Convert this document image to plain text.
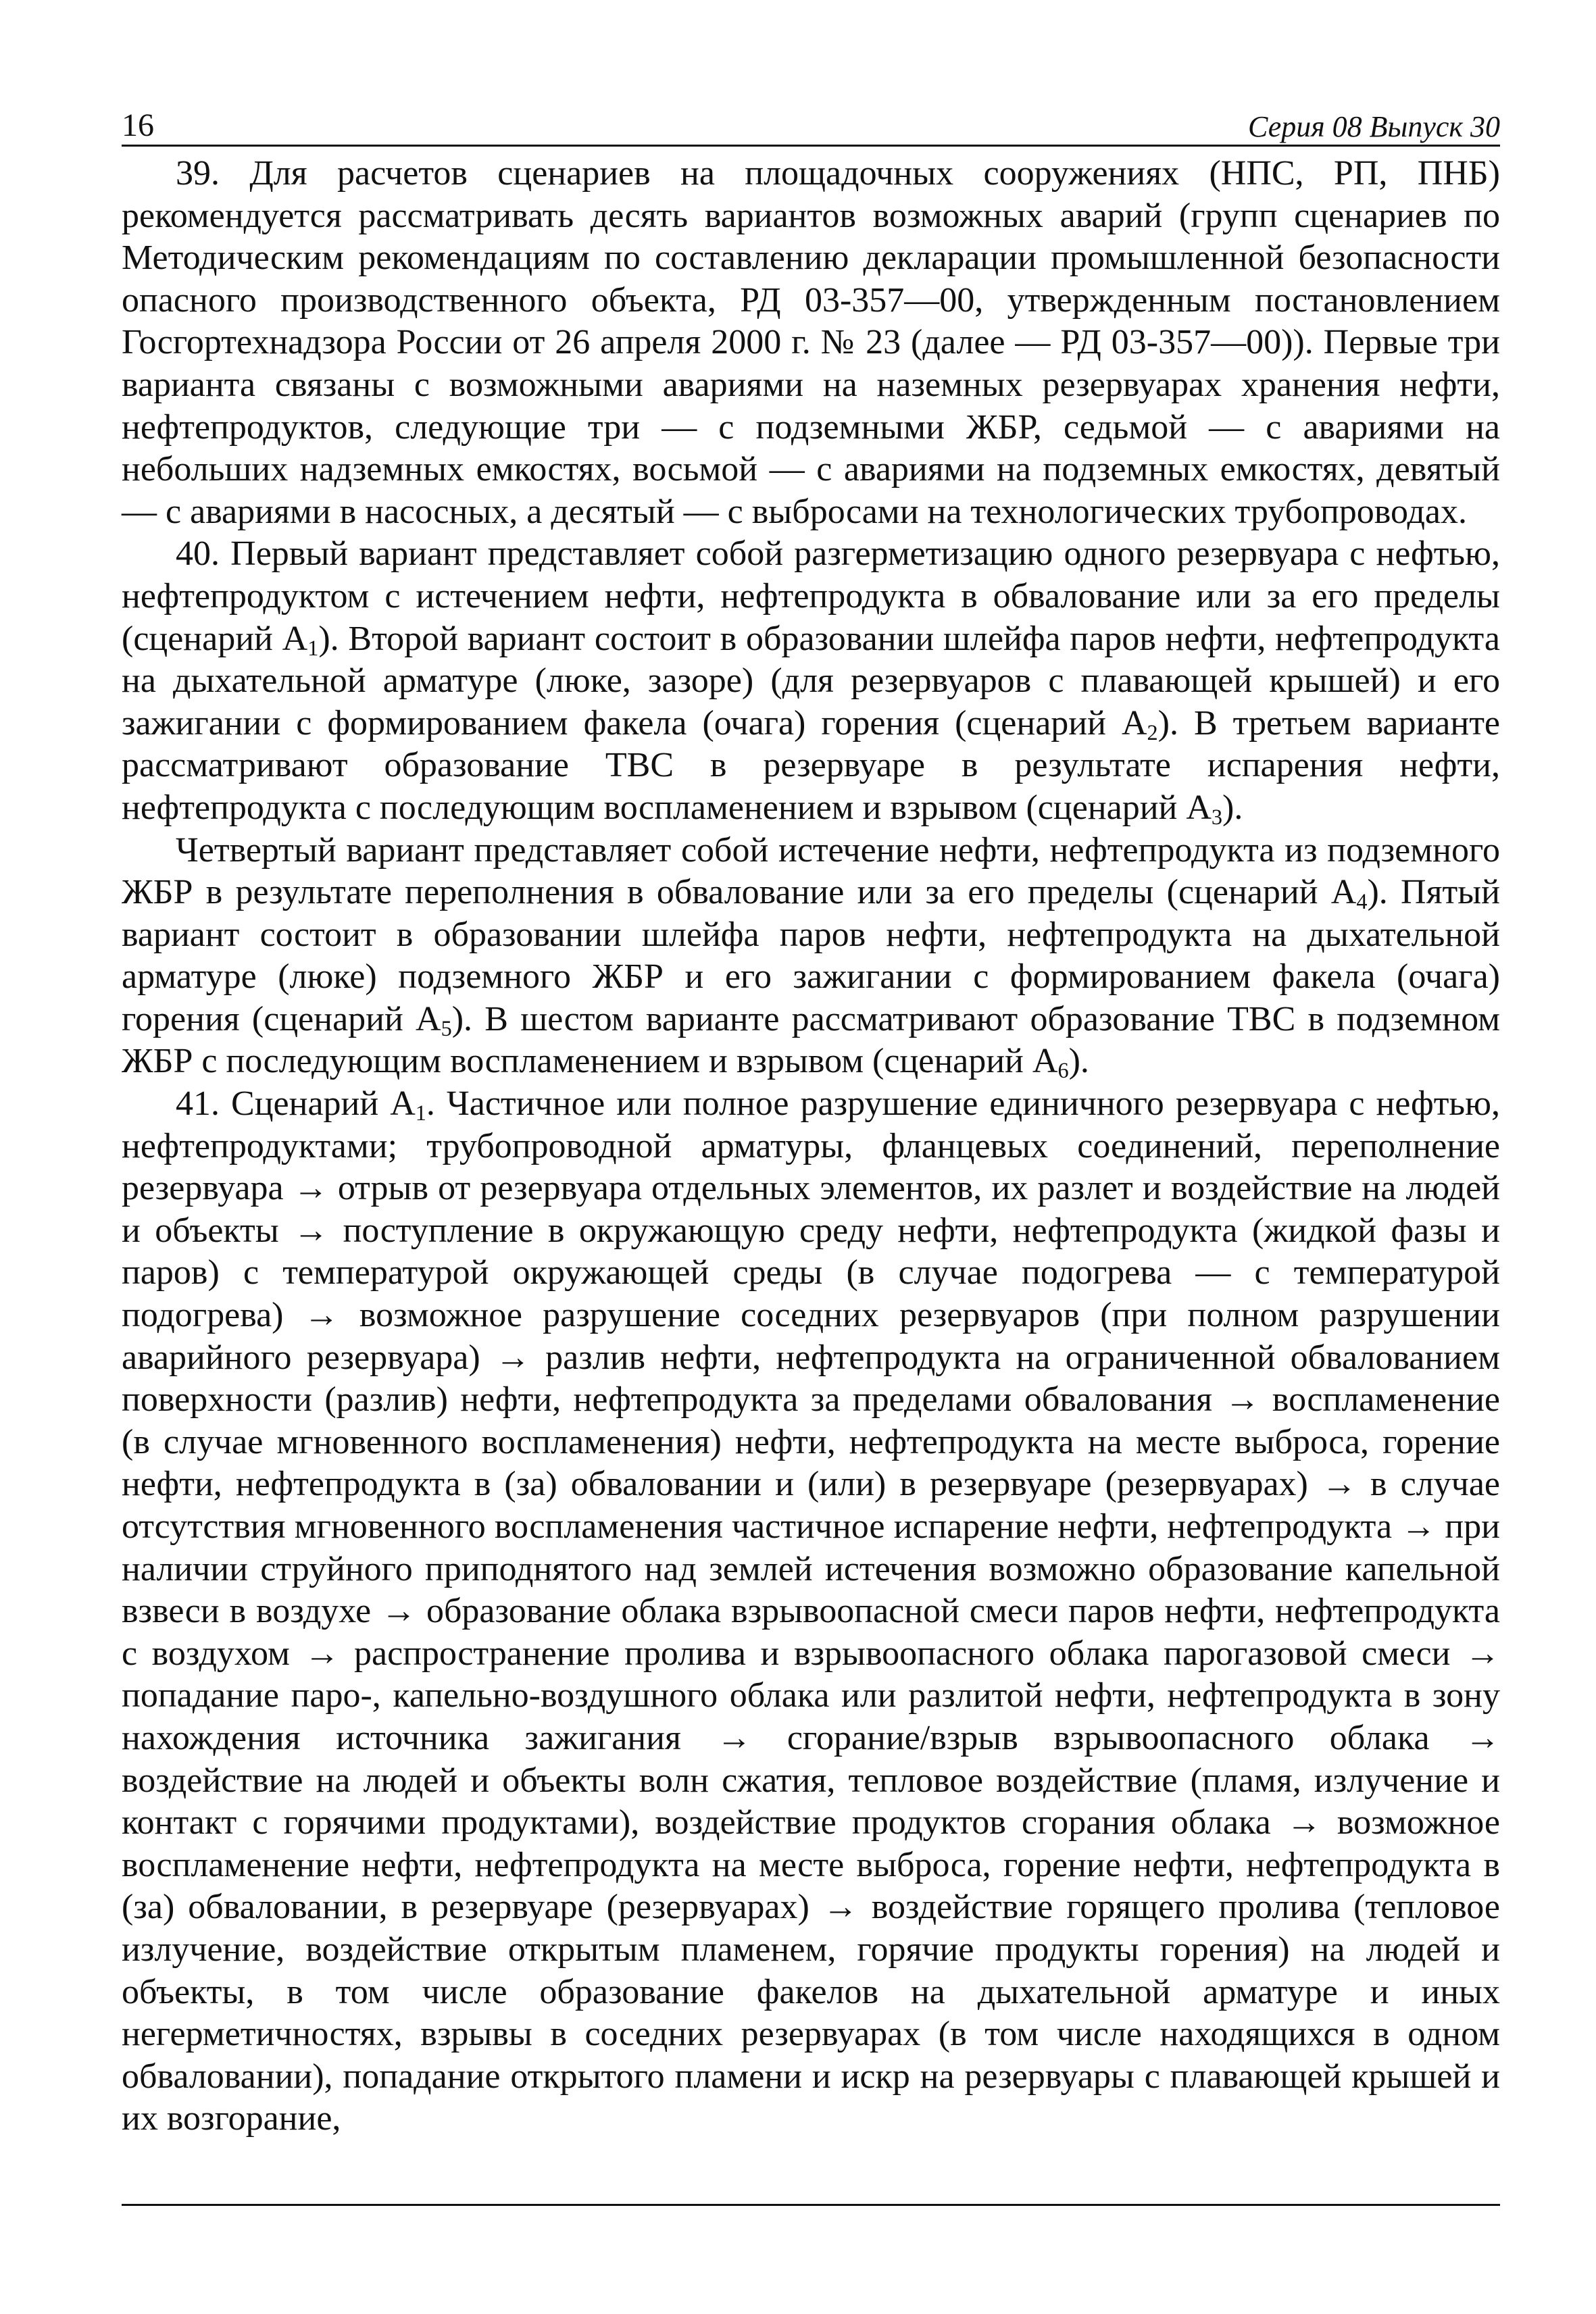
16	Серия 08 Выпуск 30

39. Для расчетов сценариев на площадочных сооружениях (НПС, РП, ПНБ) рекомендуется рассматривать десять вариантов возможных аварий (групп сценариев по Методическим рекомендациям по составлению декларации промышленной безопасности опасного производственного объекта, РД 03-357—00, утвержденным постановлением Госгортехнадзора России от 26 апреля 2000 г. № 23 (далее — РД 03-357—00)). Первые три варианта связаны с возможными авариями на наземных резервуарах хранения нефти, нефтепродуктов, следующие три — с подземными ЖБР, седьмой — с авариями на небольших надземных емкостях, восьмой — с авариями на подземных емкостях, девятый — с авариями в насосных, а десятый — с выбросами на технологических трубопроводах.

40. Первый вариант представляет собой разгерметизацию одного резервуара с нефтью, нефтепродуктом с истечением нефти, нефтепродукта в обвалование или за его пределы (сценарий $А_1$). Второй вариант состоит в образовании шлейфа паров нефти, нефтепродукта на дыхательной арматуре (люке, зазоре) (для резервуаров с плавающей крышей) и его зажигании с формированием факела (очага) горения (сценарий $А_2$). В третьем варианте рассматривают образование ТВС в резервуаре в результате испарения нефти, нефтепродукта с последующим воспламенением и взрывом (сценарий $А_3$).

Четвертый вариант представляет собой истечение нефти, нефтепродукта из подземного ЖБР в результате переполнения в обвалование или за его пределы (сценарий $А_4$). Пятый вариант состоит в образовании шлейфа паров нефти, нефтепродукта на дыхательной арматуре (люке) подземного ЖБР и его зажигании с формированием факела (очага) горения (сценарий $А_5$). В шестом варианте рассматривают образование ТВС в подземном ЖБР с последующим воспламенением и взрывом (сценарий $А_6$).

41. Сценарий $А_1$. Частичное или полное разрушение единичного резервуара с нефтью, нефтепродуктами; трубопроводной арматуры, фланцевых соединений, переполнение резервуара → отрыв от резервуара отдельных элементов, их разлет и воздействие на людей и объекты → поступление в окружающую среду нефти, нефтепродукта (жидкой фазы и паров) с температурой окружающей среды (в случае подогрева — с температурой подогрева) → возможное разрушение соседних резервуаров (при полном разрушении аварийного резервуара) → разлив нефти, нефтепродукта на ограниченной обвалованием поверхности (разлив) нефти, нефтепродукта за пределами обвалования → воспламенение (в случае мгновенного воспламенения) нефти, нефтепродукта на месте выброса, горение нефти, нефтепродукта в (за) обваловании и (или) в резервуаре (резервуарах) → в случае отсутствия мгновенного воспламенения частичное испарение нефти, нефтепродукта → при наличии струйного приподнятого над землей истечения возможно образование капельной взвеси в воздухе → образование облака взрывоопасной смеси паров нефти, нефтепродукта с воздухом → распространение пролива и взрывоопасного облака парогазовой смеси → попадание паро-, капельно-воздушного облака или разлитой нефти, нефтепродукта в зону нахождения источника зажигания → сгорание/взрыв взрывоопасного облака → воздействие на людей и объекты волн сжатия, тепловое воздействие (пламя, излучение и контакт с горячими продуктами), воздействие продуктов сгорания облака → возможное воспламенение нефти, нефтепродукта на месте выброса, горение нефти, нефтепродукта в (за) обваловании, в резервуаре (резервуарах) → воздействие горящего пролива (тепловое излучение, воздействие открытым пламенем, горячие продукты горения) на людей и объекты, в том числе образование факелов на дыхательной арматуре и иных негерметичностях, взрывы в соседних резервуарах (в том числе находящихся в одном обваловании), попадание открытого пламени и искр на резервуары с плавающей крышей и их возгорание,
